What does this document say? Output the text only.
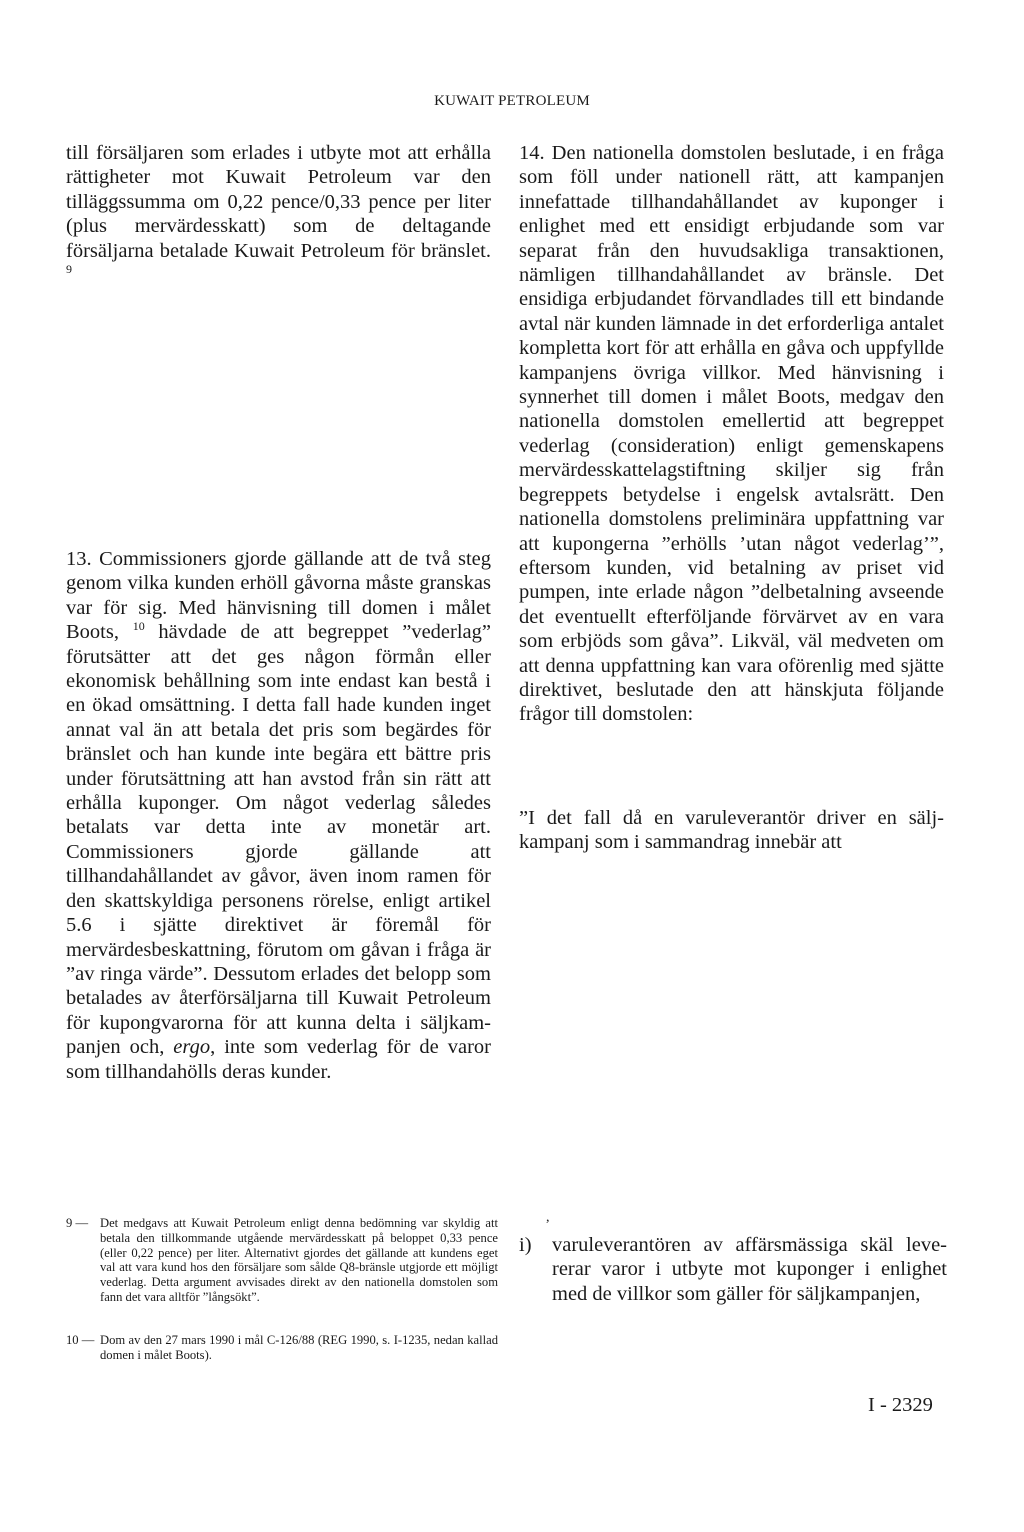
KUWAIT PETROLEUM

till försäljaren som erlades i utbyte mot att erhålla rättigheter mot Kuwait Petroleum var den tilläggssumma om 0,22 pence/0,33 pence per liter (plus mervärdesskatt) som de deltagande försäljarna betalade Kuwait Petroleum för bränslet. $^9$

13. Commissioners gjorde gällande att de två steg genom vilka kunden erhöll gåvorna måste granskas var för sig. Med hänvisning till domen i målet Boots, $^{10}$ hävdade de att begreppet ”vederlag” förutsätter att det ges någon förmån eller ekonomisk behållning som inte endast kan bestå i en ökad omsättning. I detta fall hade kunden inget annat val än att betala det pris som begärdes för bränslet och han kunde inte begära ett bättre pris under förutsättning att han avstod från sin rätt att erhålla kuponger. Om något vederlag således betalats var detta inte av monetär art. Commissioners gjorde gällande att tillhandahållandet av gåvor, även inom ramen för den skattskyldiga personens rörelse, enligt artikel 5.6 i sjätte direktivet är föremål för mervärdesbeskattning, förutom om gåvan i fråga är ”av ringa värde”. Dessutom erlades det belopp som betalades av återförsäljarna till Kuwait Petroleum för kupongvarorna för att kunna delta i säljkampanjen och, ergo, inte som vederlag för de varor som tillhandahölls deras kunder.

14. Den nationella domstolen beslutade, i en fråga som föll under nationell rätt, att kampanjen innefattade tillhandahållandet av kuponger i enlighet med ett ensidigt erbjudande som var separat från den huvudsakliga transaktionen, nämligen tillhandahållandet av bränsle. Det ensidiga erbjudandet förvandlades till ett bindande avtal när kunden lämnade in det erforderliga antalet kompletta kort för att erhålla en gåva och uppfyllde kampanjens övriga villkor. Med hänvisning i synnerhet till domen i målet Boots, medgav den nationella domstolen emellertid att begreppet vederlag (consideration) enligt gemenskapens mervärdesskattelagstiftning skiljer sig från begreppets betydelse i engelsk avtalsrätt. Den nationella domstolens preliminära uppfattning var att kupongerna ”erhölls ’utan något vederlag’”, eftersom kunden, vid betalning av priset vid pumpen, inte erlade någon ”delbetalning avseende det eventuellt efterföljande förvärvet av en vara som erbjöds som gåva”. Likväl, väl medveten om att denna uppfattning kan vara oförenlig med sjätte direktivet, beslutade den att hänskjuta följande frågor till domstolen:

”I det fall då en varuleverantör driver en säljkampanj som i sammandrag innebär att

,
i) varuleverantören av affärsmässiga skäl levererar varor i utbyte mot kuponger i enlighet med de villkor som gäller för säljkampanjen,
9 — Det medgavs att Kuwait Petroleum enligt denna bedömning var skyldig att betala den tillkommande utgående mervärdesskatt på beloppet 0,33 pence (eller 0,22 pence) per liter. Alternativt gjordes det gällande att kundens eget val att vara kund hos den försäljare som sålde Q8-bränsle utgjorde ett möjligt vederlag. Detta argument avvisades direkt av den nationella domstolen som fann det vara alltför ”långsökt”.
10 — Dom av den 27 mars 1990 i mål C-126/88 (REG 1990, s. I-1235, nedan kallad domen i målet Boots).
I - 2329
